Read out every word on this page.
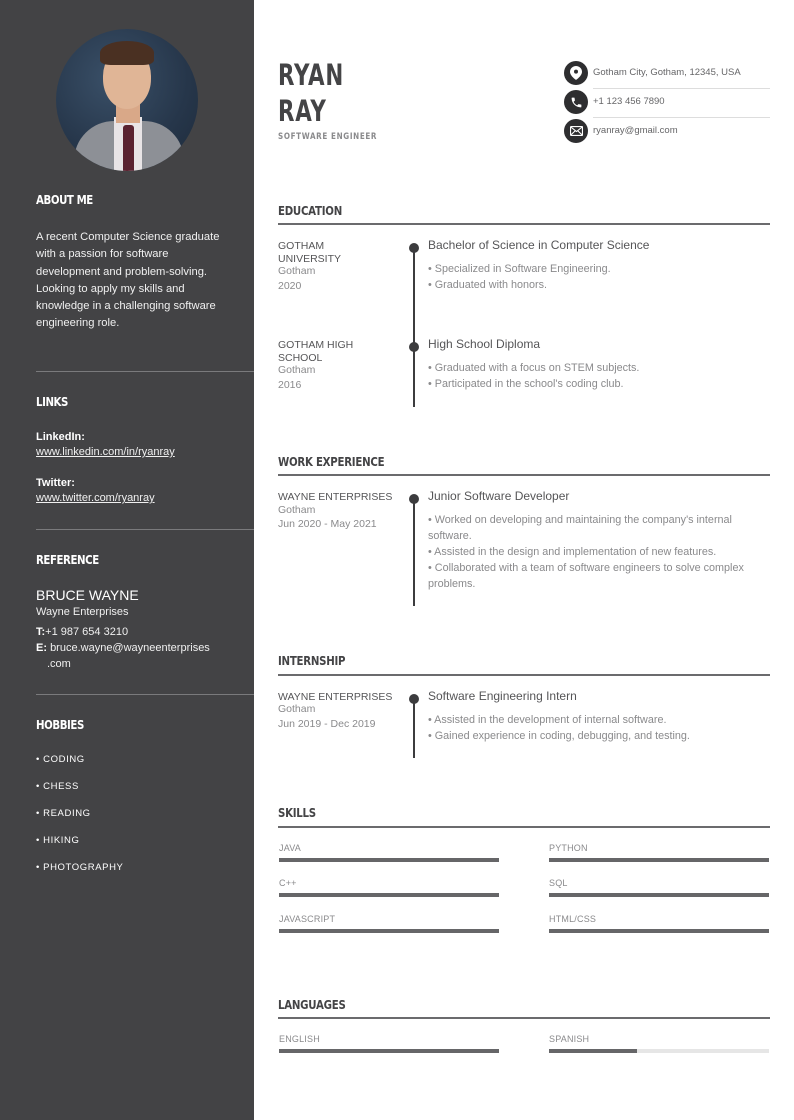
ABOUT ME
A recent Computer Science graduate with a passion for software development and problem-solving. Looking to apply my skills and knowledge in a challenging software engineering role.
LINKS
LinkedIn:
www.linkedin.com/in/ryanray
Twitter:
www.twitter.com/ryanray
REFERENCE
BRUCE WAYNE
Wayne Enterprises
T:+1 987 654 3210
E: bruce.wayne@wayneenterprises
.com
HOBBIES
• CODING
• CHESS
• READING
• HIKING
• PHOTOGRAPHY
RYAN
RAY
SOFTWARE ENGINEER
Gotham City, Gotham, 12345, USA
+1 123 456 7890
ryanray@gmail.com
EDUCATION
GOTHAM UNIVERSITY
Gotham
2020
Bachelor of Science in Computer Science
• Specialized in Software Engineering.
• Graduated with honors.
GOTHAM HIGH SCHOOL
Gotham
2016
High School Diploma
• Graduated with a focus on STEM subjects.
• Participated in the school's coding club.
WORK EXPERIENCE
WAYNE ENTERPRISES
Gotham
Jun 2020 - May 2021
Junior Software Developer
• Worked on developing and maintaining the company's internal software.
• Assisted in the design and implementation of new features.
• Collaborated with a team of software engineers to solve complex problems.
INTERNSHIP
WAYNE ENTERPRISES
Gotham
Jun 2019 - Dec 2019
Software Engineering Intern
• Assisted in the development of internal software.
• Gained experience in coding, debugging, and testing.
SKILLS
JAVA	PYTHON
C++	SQL
JAVASCRIPT	HTML/CSS
LANGUAGES
ENGLISH	SPANISH
